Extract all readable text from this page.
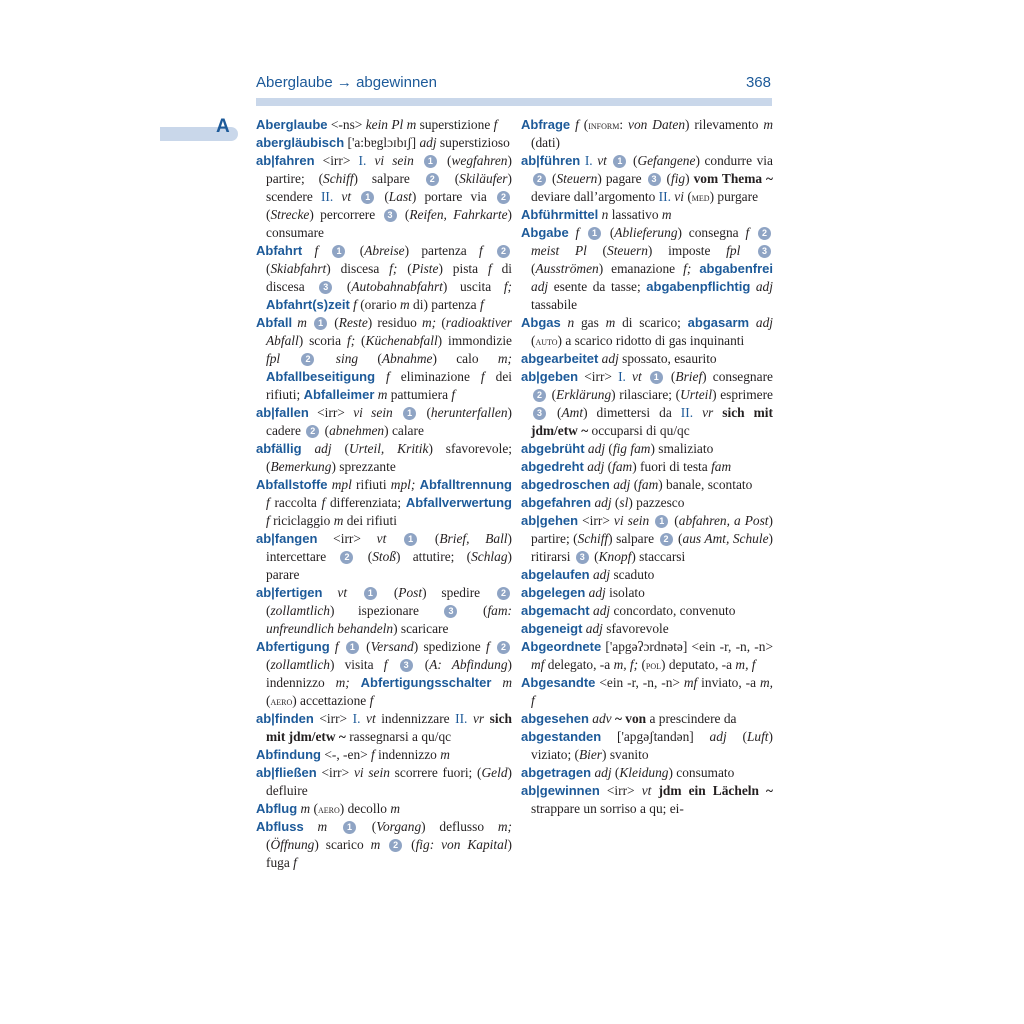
Aberglaube → abgewinnen	368
A Aberglaube <-ns> kein Pl m superstizione f

abergläubisch ['a:bɐglɔɪbɪʃ] adj superstizioso

ab|fahren <irr> I. vi sein 1 (wegfahren) partire; (Schiff) salpare 2 (Skiläufer) scendere II. vt 1 (Last) portare via 2 (Strecke) percorrere 3 (Reifen, Fahrkarte) consumare

Abfahrt f 1 (Abreise) partenza f 2 (Skiabfahrt) discesa f; (Piste) pista f di discesa 3 (Autobahnabfahrt) uscita f; Abfahrt(s)zeit f (orario m di) partenza f

Abfall m 1 (Reste) residuo m; (radioaktiver Abfall) scoria f; (Küchenabfall) immondizie fpl	2 sing (Abnahme) calo m; Abfallbeseitigung f eliminazione f dei rifiuti; Abfalleimer m pattumiera f

ab|fallen <irr> vi sein 1 (herunterfallen) cadere 2 (abnehmen) calare

abfällig adj (Urteil, Kritik) sfavorevole; (Bemerkung) sprezzante

Abfallstoffe mpl rifiuti mpl; Abfalltrennung f raccolta f differenziata; Abfallverwertung f riciclaggio m dei rifiuti

ab|fangen <irr> vt 1 (Brief, Ball) intercettare 2 (Stoß) attutire; (Schlag) parare

ab|fertigen vt 1 (Post) spedire 2 (zollamtlich) ispezionare 3 (fam: unfreundlich behandeln) scaricare

Abfertigung f 1 (Versand) spedizione f 2 (zollamtlich) visita f 3 (A: Abfindung) indennizzo m; Abfertigungsschalter m (aero) accettazione f

ab|finden <irr> I. vt indennizzare II. vr sich mit jdm/etw ~ rassegnarsi a qu/qc

Abfindung <-, -en> f indennizzo m

ab|fließen <irr> vi sein scorrere fuori; (Geld) defluire

Abflug m (aero) decollo m

Abfluss m 1 (Vorgang) deflusso m; (Öffnung) scarico m 2 (fig: von Kapital) fuga f

Abfrage f (inform: von Daten) rilevamento m (dati)

ab|führen I. vt 1 (Gefangene) condurre via 2 (Steuern) pagare 3 (fig) vom Thema ~ deviare dall’argomento II. vi (med) purgare

Abführmittel n lassativo m

Abgabe f 1 (Ablieferung) consegna f 2 meist Pl (Steuern) imposte fpl 3 (Ausströmen) emanazione f; abgabenfrei adj esente da tasse; abgabenpflichtig adj tassabile

Abgas n gas m di scarico; abgasarm adj (auto) a scarico ridotto di gas inquinanti

abgearbeitet adj spossato, esaurito

ab|geben <irr> I. vt 1 (Brief) consegnare 2 (Erklärung) rilasciare; (Urteil) esprimere 3 (Amt) dimettersi da II. vr sich mit jdm/etw ~ occuparsi di qu/qc

abgebrüht adj (fig fam) smaliziato

abgedreht adj (fam) fuori di testa fam

abgedroschen adj (fam) banale, scontato

abgefahren adj (sl) pazzesco

ab|gehen <irr> vi sein 1 (abfahren, a Post) partire; (Schiff) salpare 2 (aus Amt, Schule) ritirarsi 3 (Knopf) staccarsi

abgelaufen adj scaduto

abgelegen adj isolato

abgemacht adj concordato, convenuto

abgeneigt adj sfavorevole

Abgeordnete ['apgəʔɔrdnətə] <ein -r, -n, -n> mf delegato, -a m, f; (pol) deputato, -a m, f

Abgesandte <ein -r, -n, -n> mf inviato, -a m, f

abgesehen adv ~ von a prescindere da

abgestanden ['apgəʃtandən] adj (Luft) viziato; (Bier) svanito

abgetragen adj (Kleidung) consumato

ab|gewinnen <irr> vt jdm ein Lächeln ~ strappare un sorriso a qu; ei-
